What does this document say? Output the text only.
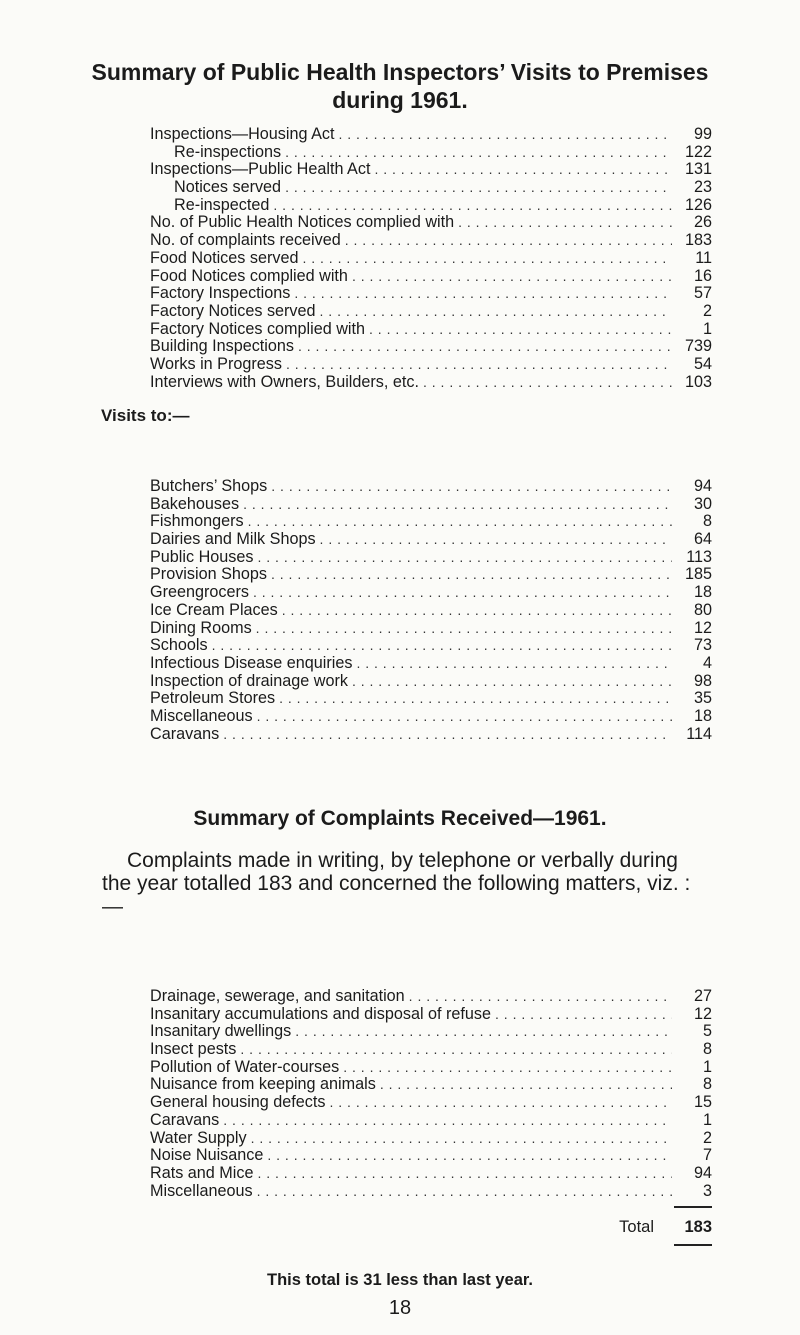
Summary of Public Health Inspectors’ Visits to Premises
during 1961.
Inspections—Housing Act . . .	99
Re-inspections . . .	122
Inspections—Public Health Act . . .	131
Notices served . . .	23
Re-inspected . . .	126
No. of Public Health Notices complied with . . .	26
No. of complaints received . . .	183
Food Notices served . . .	11
Food Notices complied with . . .	16
Factory Inspections . . .	57
Factory Notices served . . .	2
Factory Notices complied with . . .	1
Building Inspections . . .	739
Works in Progress . . .	54
Interviews with Owners, Builders, etc. . . .	103
Visits to:—
Butchers’ Shops . . .	94
Bakehouses . . .	30
Fishmongers . . .	8
Dairies and Milk Shops . . .	64
Public Houses . . .	113
Provision Shops . . .	185
Greengrocers . . .	18
Ice Cream Places . . .	80
Dining Rooms . . .	12
Schools . . .	73
Infectious Disease enquiries . . .	4
Inspection of drainage work . . .	98
Petroleum Stores . . .	35
Miscellaneous . . .	18
Caravans . . .	114
Summary of Complaints Received—1961.

Complaints made in writing, by telephone or verbally during the year totalled 183 and concerned the following matters, viz. :—

Drainage, sewerage, and sanitation . . .	27
Insanitary accumulations and disposal of refuse . . .	12
Insanitary dwellings . . .	5
Insect pests . . .	8
Pollution of Water-courses . . .	1
Nuisance from keeping animals . . .	8
General housing defects . . .	15
Caravans . . .	1
Water Supply . . .	2
Noise Nuisance . . .	7
Rats and Mice . . .	94
Miscellaneous . . .	3
Total	183

This total is 31 less than last year.

18
